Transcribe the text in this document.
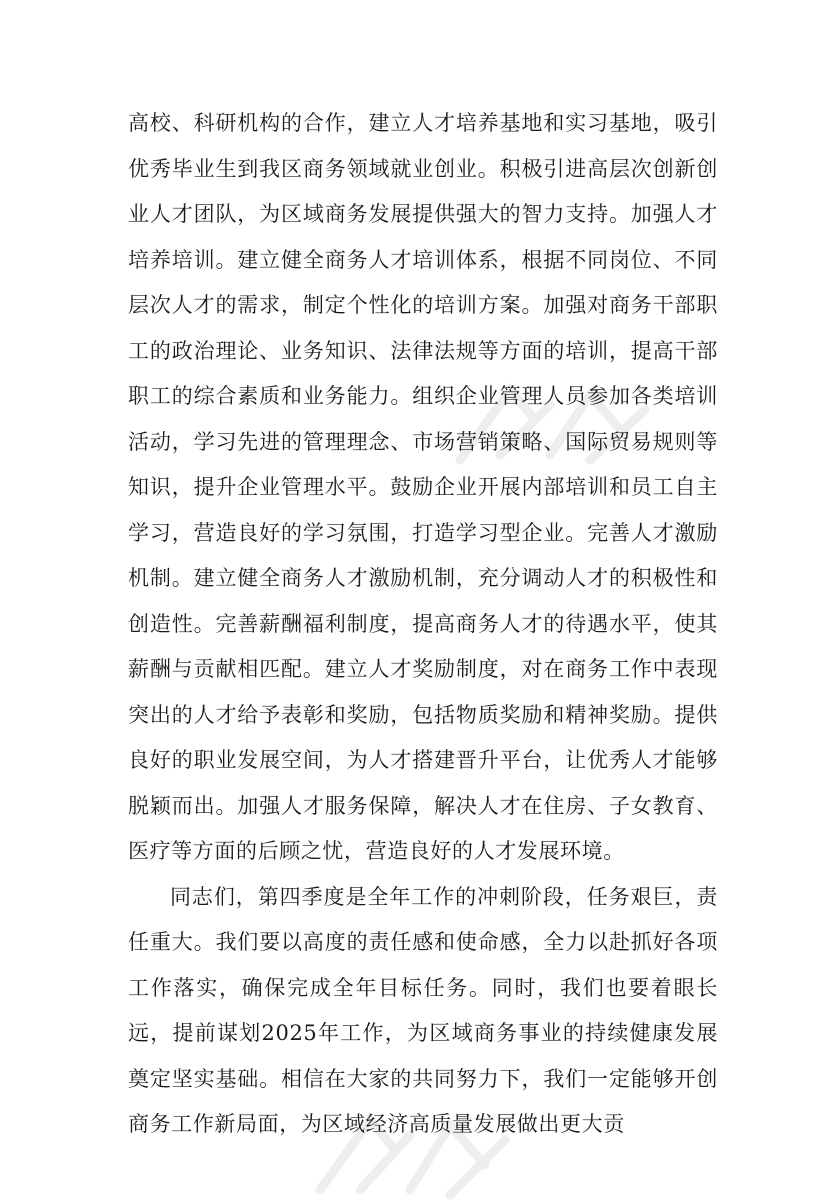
高校、科研机构的合作，建立人才培养基地和实习基地，吸引优秀毕业生到我区商务领域就业创业。积极引进高层次创新创业人才团队，为区域商务发展提供强大的智力支持。加强人才培养培训。建立健全商务人才培训体系，根据不同岗位、不同层次人才的需求，制定个性化的培训方案。加强对商务干部职工的政治理论、业务知识、法律法规等方面的培训，提高干部职工的综合素质和业务能力。组织企业管理人员参加各类培训活动，学习先进的管理理念、市场营销策略、国际贸易规则等知识，提升企业管理水平。鼓励企业开展内部培训和员工自主学习，营造良好的学习氛围，打造学习型企业。完善人才激励机制。建立健全商务人才激励机制，充分调动人才的积极性和创造性。完善薪酬福利制度，提高商务人才的待遇水平，使其薪酬与贡献相匹配。建立人才奖励制度，对在商务工作中表现突出的人才给予表彰和奖励，包括物质奖励和精神奖励。提供良好的职业发展空间，为人才搭建晋升平台，让优秀人才能够脱颖而出。加强人才服务保障，解决人才在住房、子女教育、医疗等方面的后顾之忧，营造良好的人才发展环境。

同志们，第四季度是全年工作的冲刺阶段，任务艰巨，责任重大。我们要以高度的责任感和使命感，全力以赴抓好各项工作落实，确保完成全年目标任务。同时，我们也要着眼长远，提前谋划2025年工作，为区域商务事业的持续健康发展奠定坚实基础。相信在大家的共同努力下，我们一定能够开创商务工作新局面，为区域经济高质量发展做出更大贡
